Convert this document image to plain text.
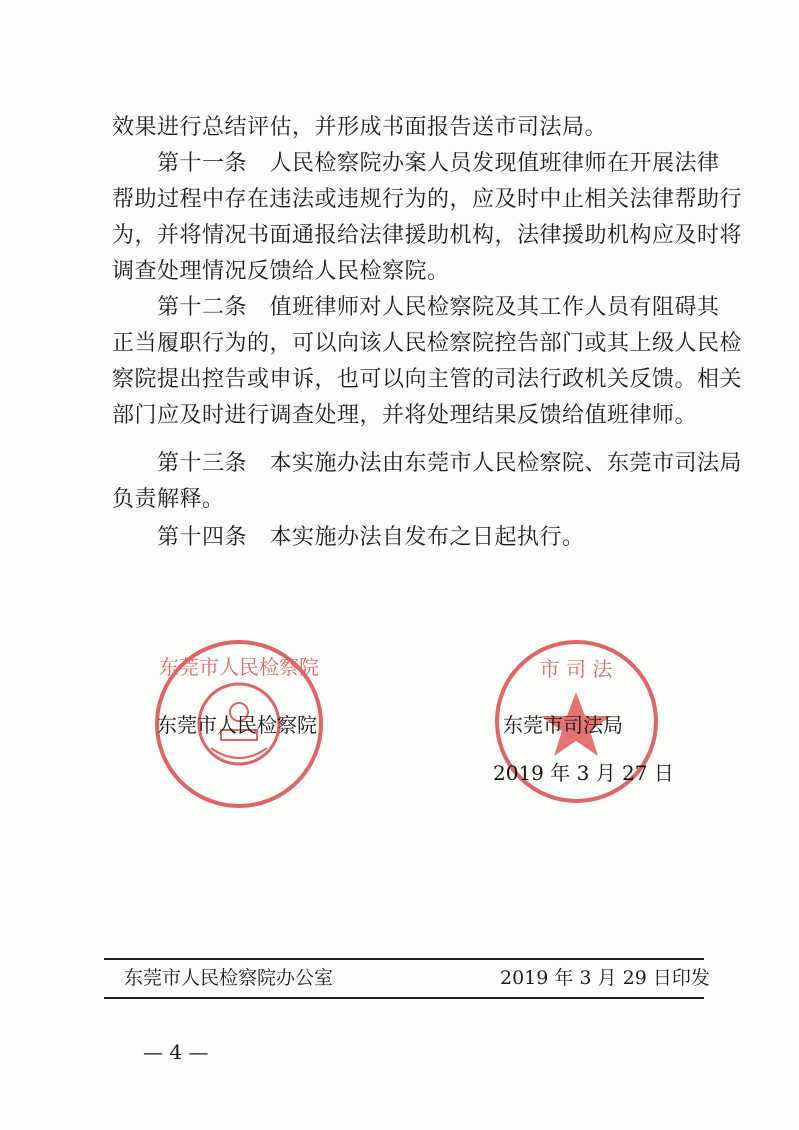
效果进行总结评估，并形成书面报告送市司法局。
第十一条　人民检察院办案人员发现值班律师在开展法律
帮助过程中存在违法或违规行为的，应及时中止相关法律帮助行
为，并将情况书面通报给法律援助机构，法律援助机构应及时将
调查处理情况反馈给人民检察院。
第十二条　值班律师对人民检察院及其工作人员有阻碍其
正当履职行为的，可以向该人民检察院控告部门或其上级人民检
察院提出控告或申诉，也可以向主管的司法行政机关反馈。相关
部门应及时进行调查处理，并将处理结果反馈给值班律师。
第十三条　本实施办法由东莞市人民检察院、东莞市司法局
负责解释。
第十四条　本实施办法自发布之日起执行。
东莞市人民检察院	市 司 法
东莞市人民检察院	东莞市司法局
2019 年 3 月 27 日
东莞市人民检察院办公室	2019 年 3 月 29 日印发
— 4 —
